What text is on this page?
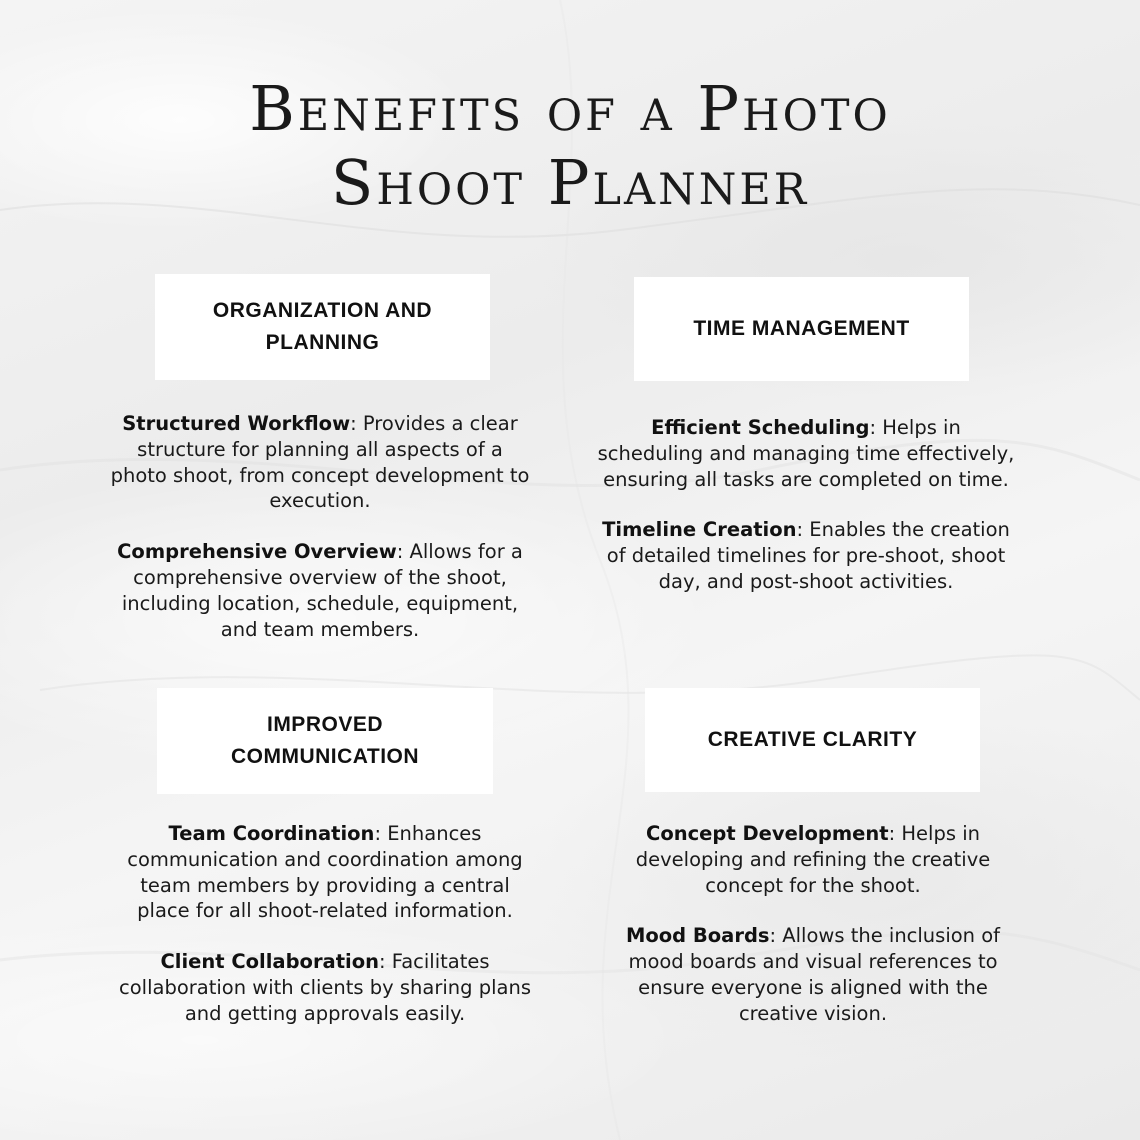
Benefits of a Photo
Shoot Planner
ORGANIZATION AND PLANNING

Structured Workflow: Provides a clear structure for planning all aspects of a photo shoot, from concept development to execution.

Comprehensive Overview: Allows for a comprehensive overview of the shoot, including location, schedule, equipment, and team members.

TIME MANAGEMENT

Efficient Scheduling: Helps in scheduling and managing time effectively, ensuring all tasks are completed on time.

Timeline Creation: Enables the creation of detailed timelines for pre-shoot, shoot day, and post-shoot activities.

IMPROVED COMMUNICATION

Team Coordination: Enhances communication and coordination among team members by providing a central place for all shoot-related information.

Client Collaboration: Facilitates collaboration with clients by sharing plans and getting approvals easily.

CREATIVE CLARITY

Concept Development: Helps in developing and refining the creative concept for the shoot.

Mood Boards: Allows the inclusion of mood boards and visual references to ensure everyone is aligned with the creative vision.
